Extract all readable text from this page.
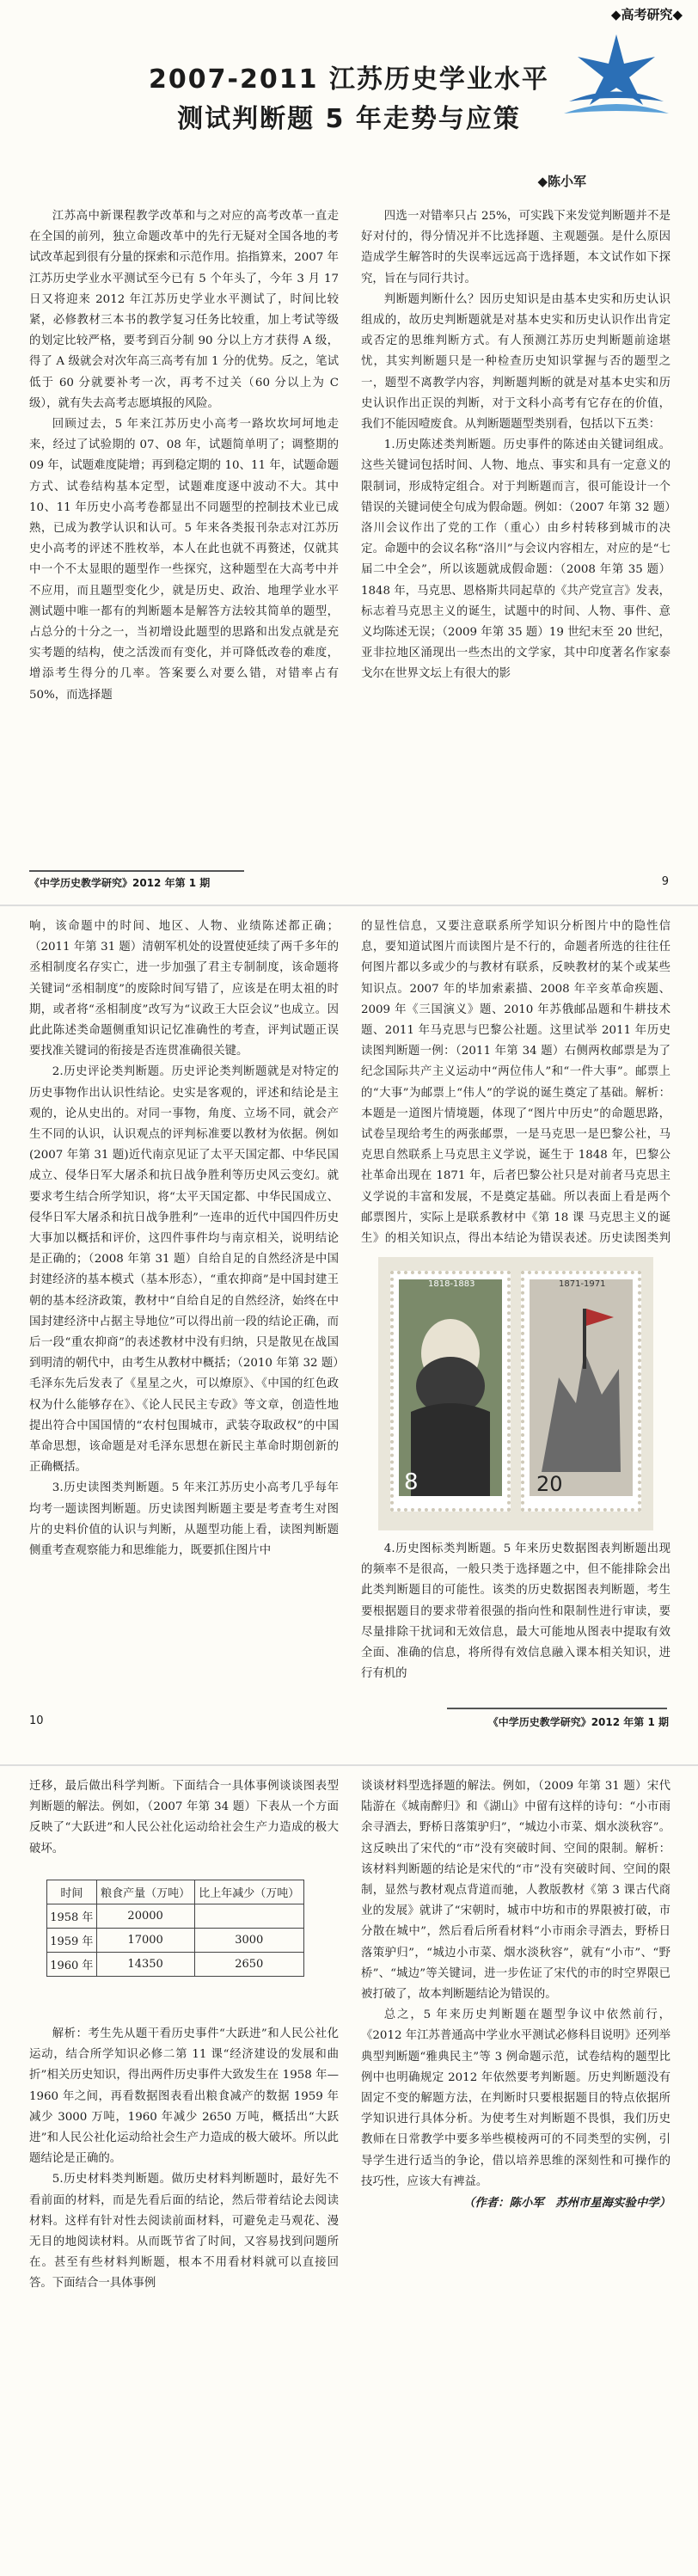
◆高考研究◆
2007-2011 江苏历史学业水平
测试判断题 5 年走势与应策
◆陈小军

江苏高中新课程教学改革和与之对应的高考改革一直走在全国的前列，独立命题改革中的先行无疑对全国各地的考试改革起到很有分量的探索和示范作用。掐指算来，2007 年江苏历史学业水平测试至今已有 5 个年头了，今年 3 月 17 日又将迎来 2012 年江苏历史学业水平测试了，时间比较紧，必修教材三本书的教学复习任务比较重，加上考试等级的划定比较严格，要考到百分制 90 分以上方才获得 A 级，得了 A 级就会对次年高三高考有加 1 分的优势。反之，笔试低于 60 分就要补考一次，再考不过关（60 分以上为 C 级），就有失去高考志愿填报的风险。

回顾过去，5 年来江苏历史小高考一路坎坎坷坷地走来，经过了试验期的 07、08 年，试题简单明了；调整期的 09 年，试题难度陡增；再到稳定期的 10、11 年，试题命题方式、试卷结构基本定型，试题难度逐中波动不大。其中 10、11 年历史小高考卷都显出不同题型的控制技术业已成熟，已成为教学认识和认可。5 年来各类报刊杂志对江苏历史小高考的评述不胜枚举，本人在此也就不再赘述，仅就其中一个不太显眼的题型作一些探究，这种题型在大高考中并不应用，而且题型变化少，就是历史、政治、地理学业水平测试题中唯一都有的判断题本是解答方法较其简单的题型，占总分的十分之一，当初增设此题型的思路和出发点就是充实考题的结构，使之活泼而有变化，并可降低改卷的难度，增添考生得分的几率。答案要么对要么错，对错率占有 50%，而选择题

四选一对错率只占 25%，可实践下来发觉判断题并不是好对付的，得分情况并不比选择题、主观题强。是什么原因造成学生解答时的失误率远远高于选择题，本文试作如下探究，旨在与同行共讨。

判断题判断什么？因历史知识是由基本史实和历史认识组成的，故历史判断题就是对基本史实和历史认识作出肯定或否定的思维判断方式。有人预测江苏历史判断题前途堪忧，其实判断题只是一种检查历史知识掌握与否的题型之一，题型不离教学内容，判断题判断的就是对基本史实和历史认识作出正误的判断，对于文科小高考有它存在的价值，我们不能因噎废食。从判断题题型类别看，包括以下五类：

1.历史陈述类判断题。历史事件的陈述由关键词组成。这些关键词包括时间、人物、地点、事实和具有一定意义的限制词，形成特定组合。对于判断题而言，很可能设计一个错误的关键词使全句成为假命题。例如：（2007 年第 32 题）洛川会议作出了党的工作（重心）由乡村转移到城市的决定。命题中的会议名称“洛川”与会议内容相左，对应的是“七届二中全会”，所以该题就成假命题：（2008 年第 35 题）1848 年，马克思、恩格斯共同起草的《共产党宣言》发表，标志着马克思主义的诞生，试题中的时间、人物、事件、意义均陈述无误；（2009 年第 35 题）19 世纪末至 20 世纪，亚非拉地区涌现出一些杰出的文学家，其中印度著名作家泰戈尔在世界文坛上有很大的影

《中学历史教学研究》2012 年第 1 期	9

响，该命题中的时间、地区、人物、业绩陈述都正确；（2011 年第 31 题）清朝军机处的设置使延续了两千多年的丞相制度名存实亡，进一步加强了君主专制制度，该命题将关键词“丞相制度”的废除时间写错了，应该是在明太祖的时期，或者将“丞相制度”改写为“议政王大臣会议”也成立。因此此陈述类命题侧重知识记忆准确性的考查，评判试题正误要找准关键词的衔接是否连贯准确很关键。

2.历史评论类判断题。历史评论类判断题就是对特定的历史事物作出认识性结论。史实是客观的，评述和结论是主观的，论从史出的。对同一事物，角度、立场不同，就会产生不同的认识，认识观点的评判标准要以教材为依据。例如(2007 年第 31 题)近代南京见证了太平天国定都、中华民国成立、侵华日军大屠杀和抗日战争胜利等历史风云变幻。就要求考生结合所学知识，将“太平天国定都、中华民国成立、侵华日军大屠杀和抗日战争胜利”一连串的近代中国四件历史大事加以概括和评价，这四件事件均与南京相关，说明结论是正确的；（2008 年第 31 题）自给自足的自然经济是中国封建经济的基本模式（基本形态），“重农抑商”是中国封建王朝的基本经济政策，教材中“自给自足的自然经济，始终在中国封建经济中占据主导地位”可以得出前一段的结论正确，而后一段“重农抑商”的表述教材中没有归纳，只是散见在战国到明清的朝代中，由考生从教材中概括；（2010 年第 32 题）毛泽东先后发表了《星星之火，可以燎原》、《中国的红色政权为什么能够存在》、《论人民民主专政》等文章，创造性地提出符合中国国情的“农村包围城市，武装夺取政权”的中国革命思想，该命题是对毛泽东思想在新民主革命时期创新的正确概括。

3.历史读图类判断题。5 年来江苏历史小高考几乎每年均考一题读图判断题。历史读图判断题主要是考查考生对图片的史料价值的认识与判断，从题型功能上看，读图判断题侧重考查观察能力和思维能力，既要抓住图片中

的显性信息，又要注意联系所学知识分析图片中的隐性信息，要知道试图片而读图片是不行的，命题者所选的往往任何图片都以多或少的与教材有联系，反映教材的某个或某些知识点。2007 年的毕加索素描、2008 年辛亥革命疾题、2009 年《三国演义》题、2010 年苏俄邮品题和牛耕技术题、2011 年马克思与巴黎公社题。这里试举 2011 年历史读图判断题一例：（2011 年第 34 题）右侧两枚邮票是为了纪念国际共产主义运动中“两位伟人”和“一件大事”。邮票上的“大事”为邮票上“伟人”的学说的诞生奠定了基础。解析：本题是一道图片情境题，体现了“图片中历史”的命题思路，试卷呈现给考生的两张邮票，一是马克思一是巴黎公社，马克思自然联系上马克思主义学说，诞生于 1848 年，巴黎公社革命出现在 1871 年，后者巴黎公社只是对前者马克思主义学说的丰富和发展，不是奠定基础。所以表面上看是两个邮票图片，实际上是联系教材中《第 18 课 马克思主义的诞生》的相关知识点，得出本结论为错误表述。历史读图类判

8
1818-1883
20
1871-1971

4.历史图标类判断题。5 年来历史数据图表判断题出现的频率不是很高，一般只类于选择题之中，但不能排除会出此类判断题目的可能性。该类的历史数据图表判断题，考生要根据题目的要求带着很强的指向性和限制性进行审读，要尽量排除干扰词和无效信息，最大可能地从图表中提取有效全面、准确的信息，将所得有效信息融入课本相关知识，进行有机的

10	《中学历史教学研究》2012 年第 1 期

迁移，最后做出科学判断。下面结合一具体事例谈谈图表型判断题的解法。例如，（2007 年第 34 题）下表从一个方面反映了“大跃进”和人民公社化运动给社会生产力造成的极大破坏。

时间	粮食产量（万吨）	比上年减少（万吨）
1958 年	20000	
1959 年	17000	3000
1960 年	14350	2650

解析：考生先从题干看历史事件“大跃进”和人民公社化运动，结合所学知识必修二第 11 课“经济建设的发展和曲折”相关历史知识，得出两件历史事件大致发生在 1958 年—1960 年之间，再看数据图表看出粮食减产的数据 1959 年减少 3000 万吨，1960 年减少 2650 万吨，概括出“大跃进”和人民公社化运动给社会生产力造成的极大破坏。所以此题结论是正确的。

5.历史材料类判断题。做历史材料判断题时，最好先不看前面的材料，而是先看后面的结论，然后带着结论去阅读材料。这样有针对性去阅读前面材料，可避免走马观花、漫无目的地阅读材料。从而既节省了时间，又容易找到问题所在。甚至有些材料判断题，根本不用看材料就可以直接回答。下面结合一具体事例

谈谈材料型选择题的解法。例如，（2009 年第 31 题）宋代陆游在《城南醉归》和《湖山》中留有这样的诗句：“小市雨余寻酒去，野桥日落策驴归”，“城边小市菜、烟水淡秋容”。这反映出了宋代的“市”没有突破时间、空间的限制。解析：该材料判断题的结论是宋代的“市”没有突破时间、空间的限制，显然与教材观点背道而驰，人教版教材《第 3 课古代商业的发展》就讲了“宋朝时，城市中坊和市的界限被打破，市分散在城中”，然后看后所看材料“小市雨余寻酒去，野桥日落策驴归”，“城边小市菜、烟水淡秋容”，就有“小市”、“野桥”、“城边”等关键词，进一步佐证了宋代的市的时空界限已被打破了，故本判断题结论为错误的。

总之，5 年来历史判断题在题型争议中依然前行，《2012 年江苏普通高中学业水平测试必修科目说明》还列举典型判断题“雅典民主”等 3 例命题示范，试卷结构的题型比例中也明确规定 2012 年依然要考判断题。历史判断题没有固定不变的解题方法，在判断时只要根据题目的特点依据所学知识进行具体分析。为使考生对判断题不畏惧，我们历史教师在日常教学中要多举些模棱两可的不同类型的实例，引导学生进行适当的争论，借以培养思维的深刻性和可操作的技巧性，应该大有裨益。

（作者：陈小军　苏州市星海实验中学）
